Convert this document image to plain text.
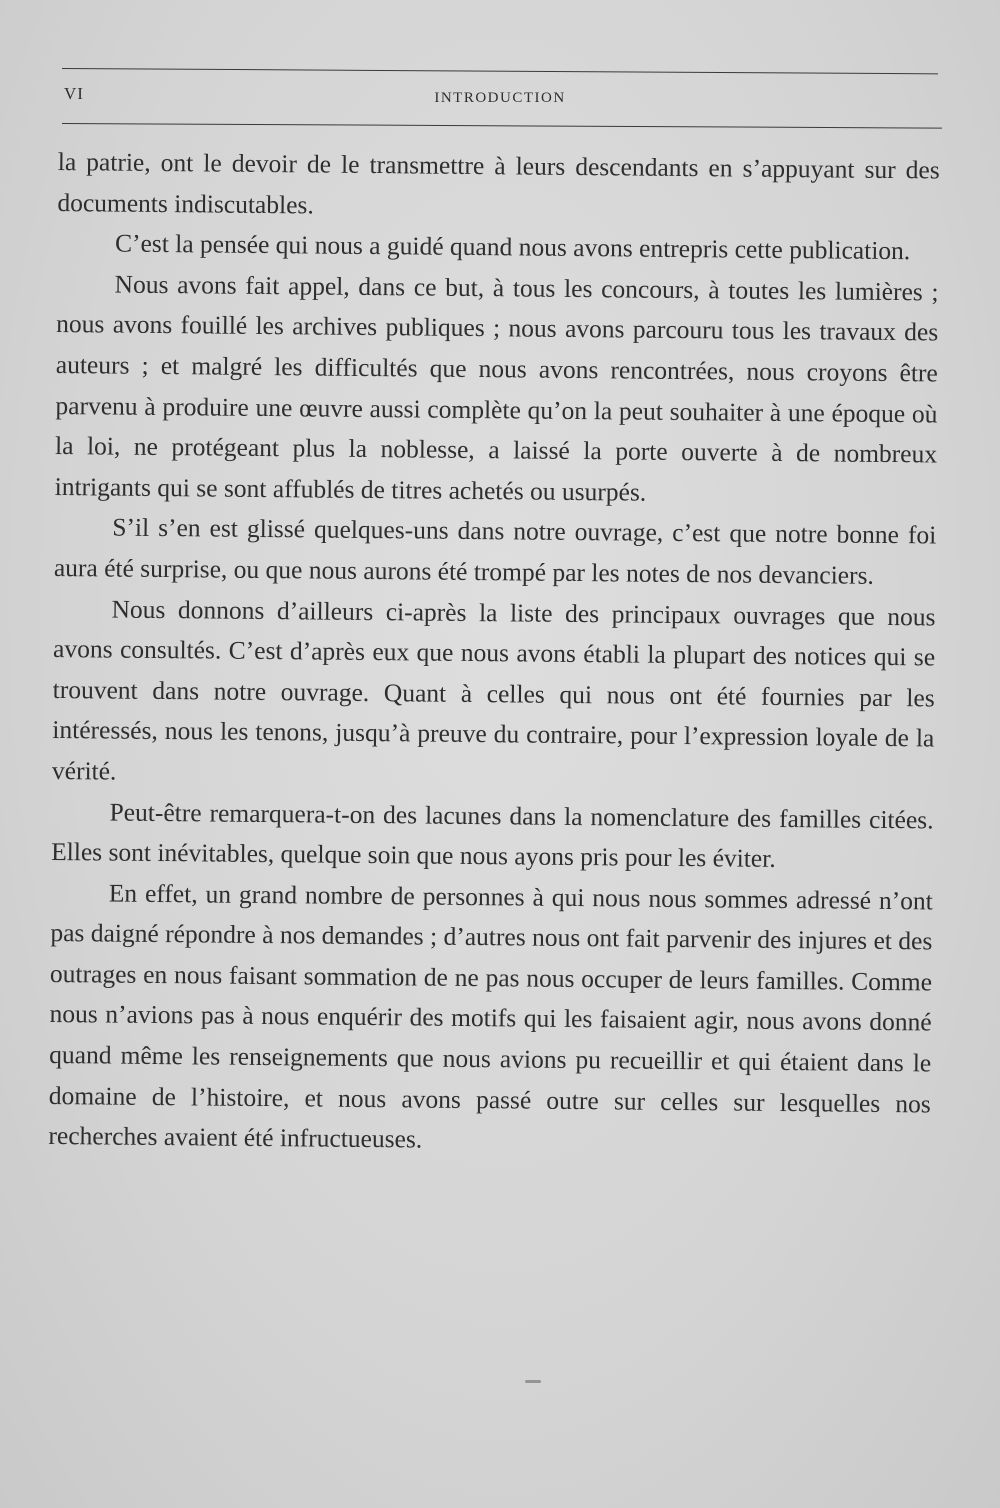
VI	INTRODUCTION

la patrie, ont le devoir de le transmettre à leurs descendants en s’appuyant sur des documents indiscutables.

C’est la pensée qui nous a guidé quand nous avons entrepris cette publication.

Nous avons fait appel, dans ce but, à tous les concours, à toutes les lumières ; nous avons fouillé les archives publiques ; nous avons parcouru tous les travaux des auteurs ; et malgré les difficultés que nous avons rencontrées, nous croyons être parvenu à produire une œuvre aussi complète qu’on la peut souhaiter à une époque où la loi, ne protégeant plus la noblesse, a laissé la porte ouverte à de nombreux intrigants qui se sont affublés de titres achetés ou usurpés.

S’il s’en est glissé quelques-uns dans notre ouvrage, c’est que notre bonne foi aura été surprise, ou que nous aurons été trompé par les notes de nos devanciers.

Nous donnons d’ailleurs ci-après la liste des principaux ouvrages que nous avons consultés. C’est d’après eux que nous avons établi la plupart des notices qui se trouvent dans notre ouvrage. Quant à celles qui nous ont été fournies par les intéressés, nous les tenons, jusqu’à preuve du contraire, pour l’expression loyale de la vérité.

Peut-être remarquera-t-on des lacunes dans la nomenclature des familles citées. Elles sont inévitables, quelque soin que nous ayons pris pour les éviter.

En effet, un grand nombre de personnes à qui nous nous sommes adressé n’ont pas daigné répondre à nos demandes ; d’autres nous ont fait parvenir des injures et des outrages en nous faisant sommation de ne pas nous occuper de leurs familles. Comme nous n’avions pas à nous enquérir des motifs qui les faisaient agir, nous avons donné quand même les renseignements que nous avions pu recueillir et qui étaient dans le domaine de l’histoire, et nous avons passé outre sur celles sur lesquelles nos recherches avaient été infructueuses.
